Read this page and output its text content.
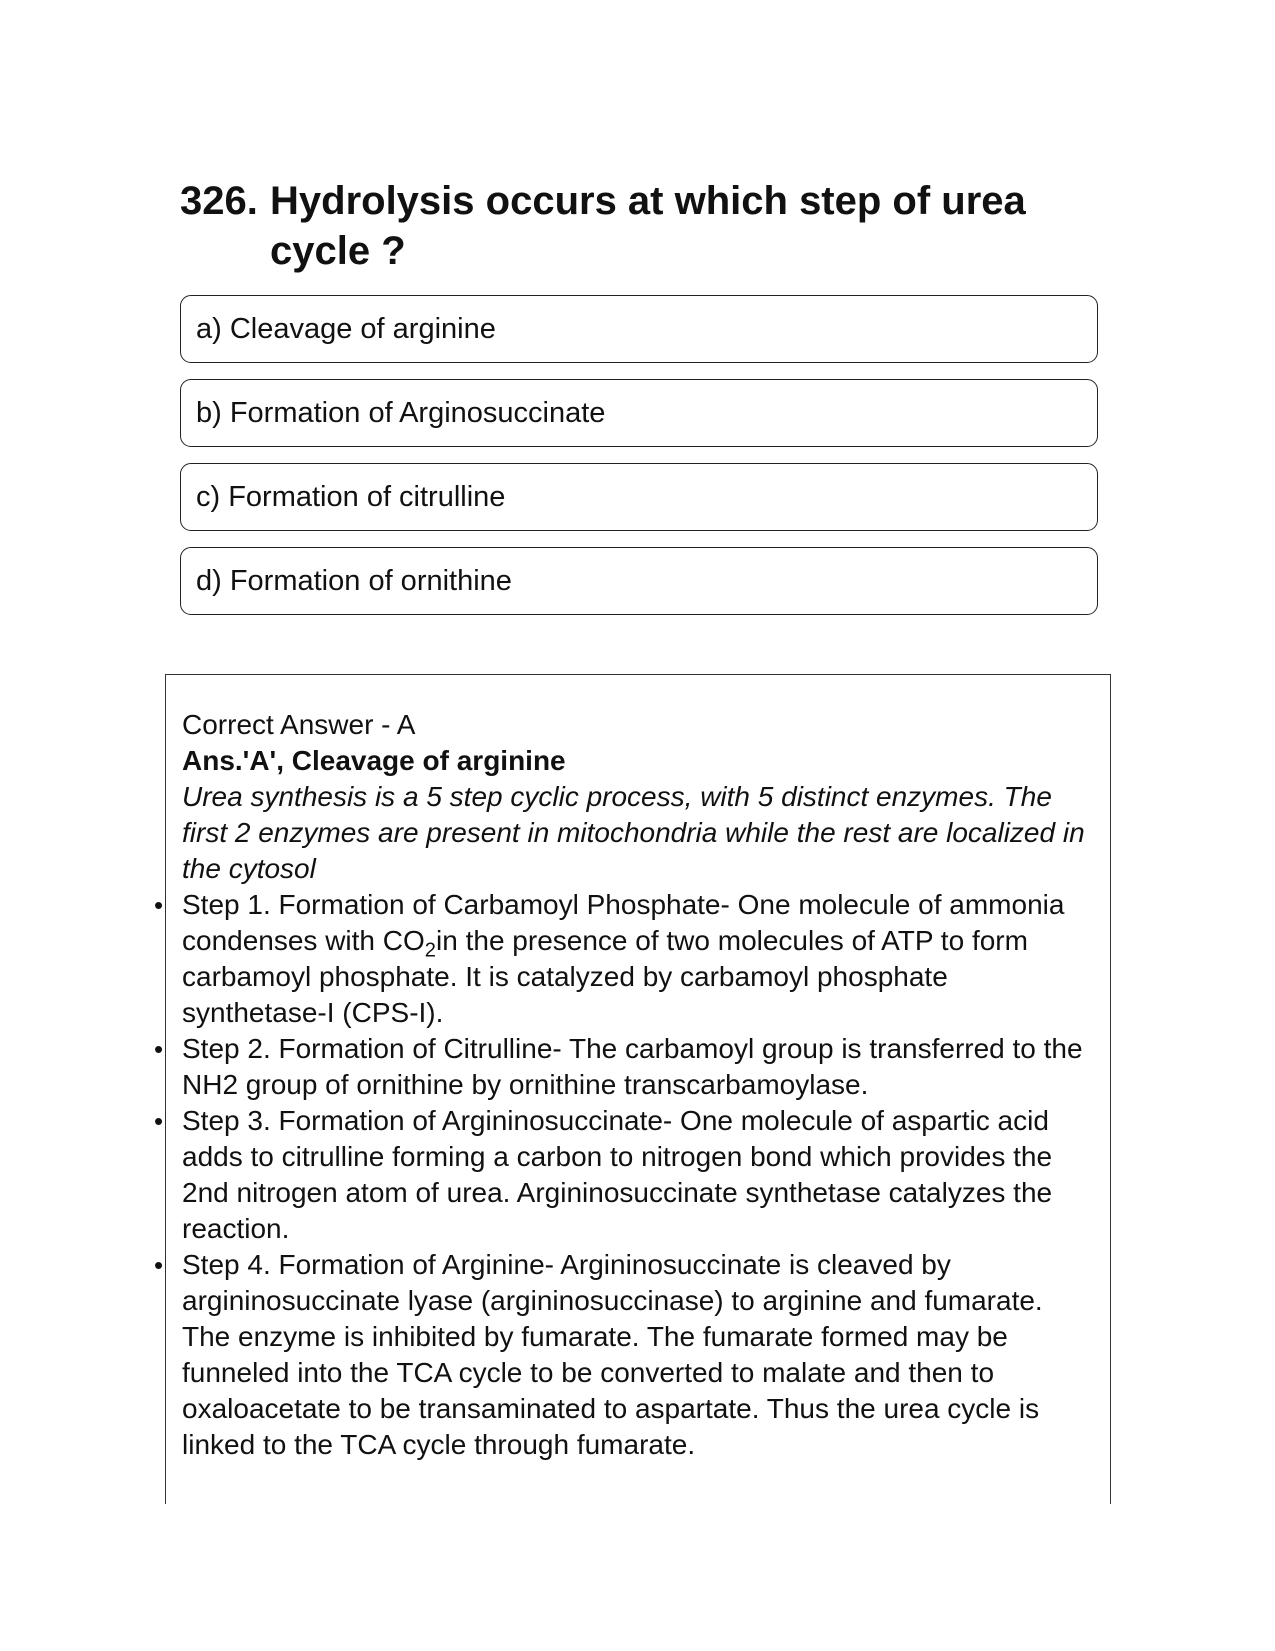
326. Hydrolysis occurs at which step of urea cycle ?
a) Cleavage of arginine
b) Formation of Arginosuccinate
c) Formation of citrulline
d) Formation of ornithine

Correct Answer - A

Ans.'A', Cleavage of arginine

Urea synthesis is a 5 step cyclic process, with 5 distinct enzymes. The first 2 enzymes are present in mitochondria while the rest are localized in the cytosol

• Step 1. Formation of Carbamoyl Phosphate- One molecule of ammonia condenses with $CO_2in$ the presence of two molecules of ATP to form carbamoyl phosphate. It is catalyzed by carbamoyl phosphate synthetase-I (CPS-I).
• Step 2. Formation of Citrulline- The carbamoyl group is transferred to the NH2 group of ornithine by ornithine transcarbamoylase.
• Step 3. Formation of Argininosuccinate- One molecule of aspartic acid adds to citrulline forming a carbon to nitrogen bond which provides the 2nd nitrogen atom of urea. Argininosuccinate synthetase catalyzes the reaction.
• Step 4. Formation of Arginine- Argininosuccinate is cleaved by argininosuccinate lyase (argininosuccinase) to arginine and fumarate. The enzyme is inhibited by fumarate. The fumarate formed may be funneled into the TCA cycle to be converted to malate and then to oxaloacetate to be transaminated to aspartate. Thus the urea cycle is linked to the TCA cycle through fumarate.
